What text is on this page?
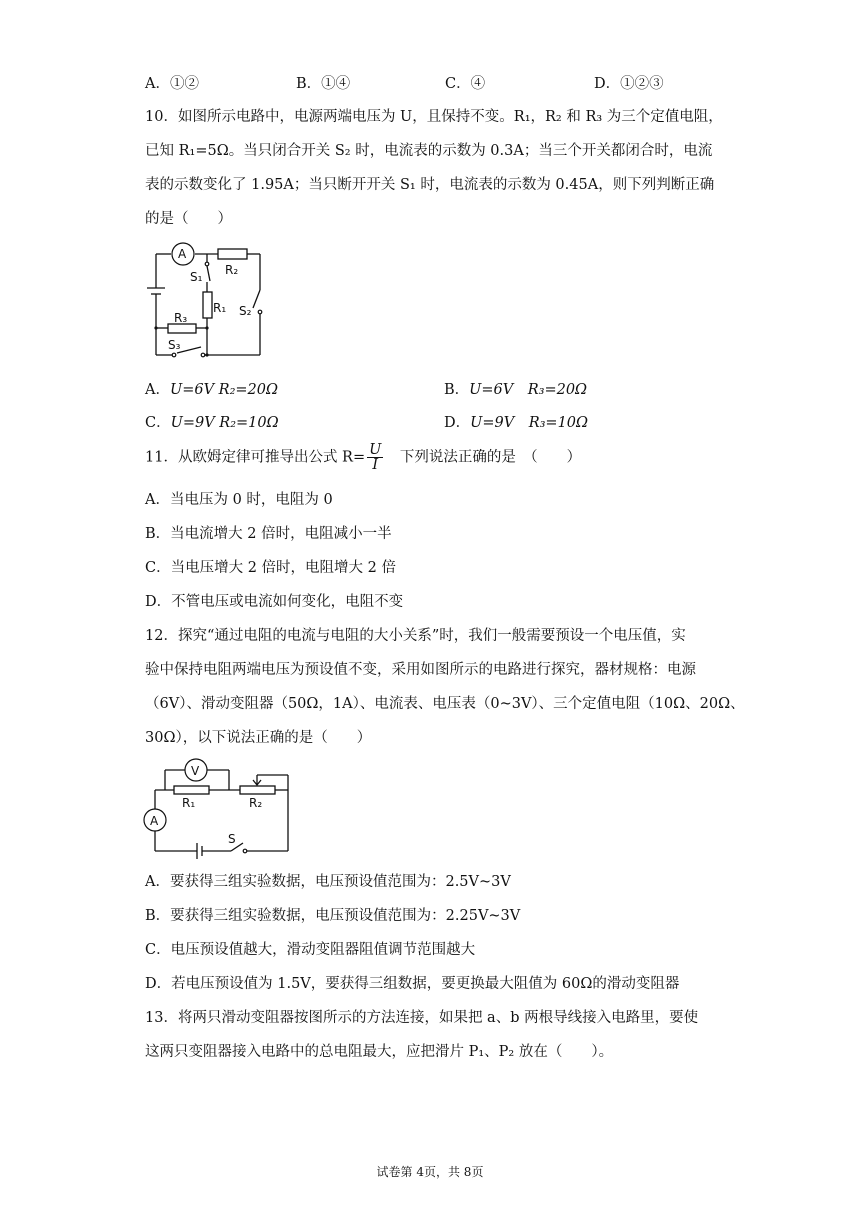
A．①②	B．①④	C．④	D．①②③
10．如图所示电路中，电源两端电压为 U，且保持不变。R₁，R₂ 和 R₃ 为三个定值电阻，
已知 R₁=5Ω。当只闭合开关 S₂ 时，电流表的示数为 0.3A；当三个开关都闭合时，电流
表的示数变化了 1.95A；当只断开开关 S₁ 时，电流表的示数为 0.45A，则下列判断正确
的是（　　）
A
R₂
S₁
R₁ S₂
R₃
S₃
A．U=6V R₂=20Ω	B．U=6V　R₃=20Ω
C．U=9V R₂=10Ω	D．U=9V　R₃=10Ω
11．从欧姆定律可推导出公式 $R= \frac{U}{I}$
　 下列说法正确的是　（　　）
A．当电压为 0 时，电阻为 0
B．当电流增大 2 倍时，电阻减小一半
C．当电压增大 2 倍时，电阻增大 2 倍
D．不管电压或电流如何变化，电阻不变
12．探究“通过电阻的电流与电阻的大小关系”时，我们一般需要预设一个电压值，实
验中保持电阻两端电压为预设值不变，采用如图所示的电路进行探究，器材规格：电源
（6V）、滑动变阻器（50Ω，1A）、电流表、电压表（0~3V）、三个定值电阻（10Ω、20Ω、
30Ω），以下说法正确的是（　　）
V
A
R₁	R₂
S
A．要获得三组实验数据，电压预设值范围为：2.5V~3V
B．要获得三组实验数据，电压预设值范围为：2.25V~3V
C．电压预设值越大，滑动变阻器阻值调节范围越大
D．若电压预设值为 1.5V，要获得三组数据，要更换最大阻值为 60Ω的滑动变阻器
13．将两只滑动变阻器按图所示的方法连接，如果把 a、b 两根导线接入电路里，要使
这两只变阻器接入电路中的总电阻最大，应把滑片 P₁、P₂ 放在（　　）。
试卷第 4页，共 8页
